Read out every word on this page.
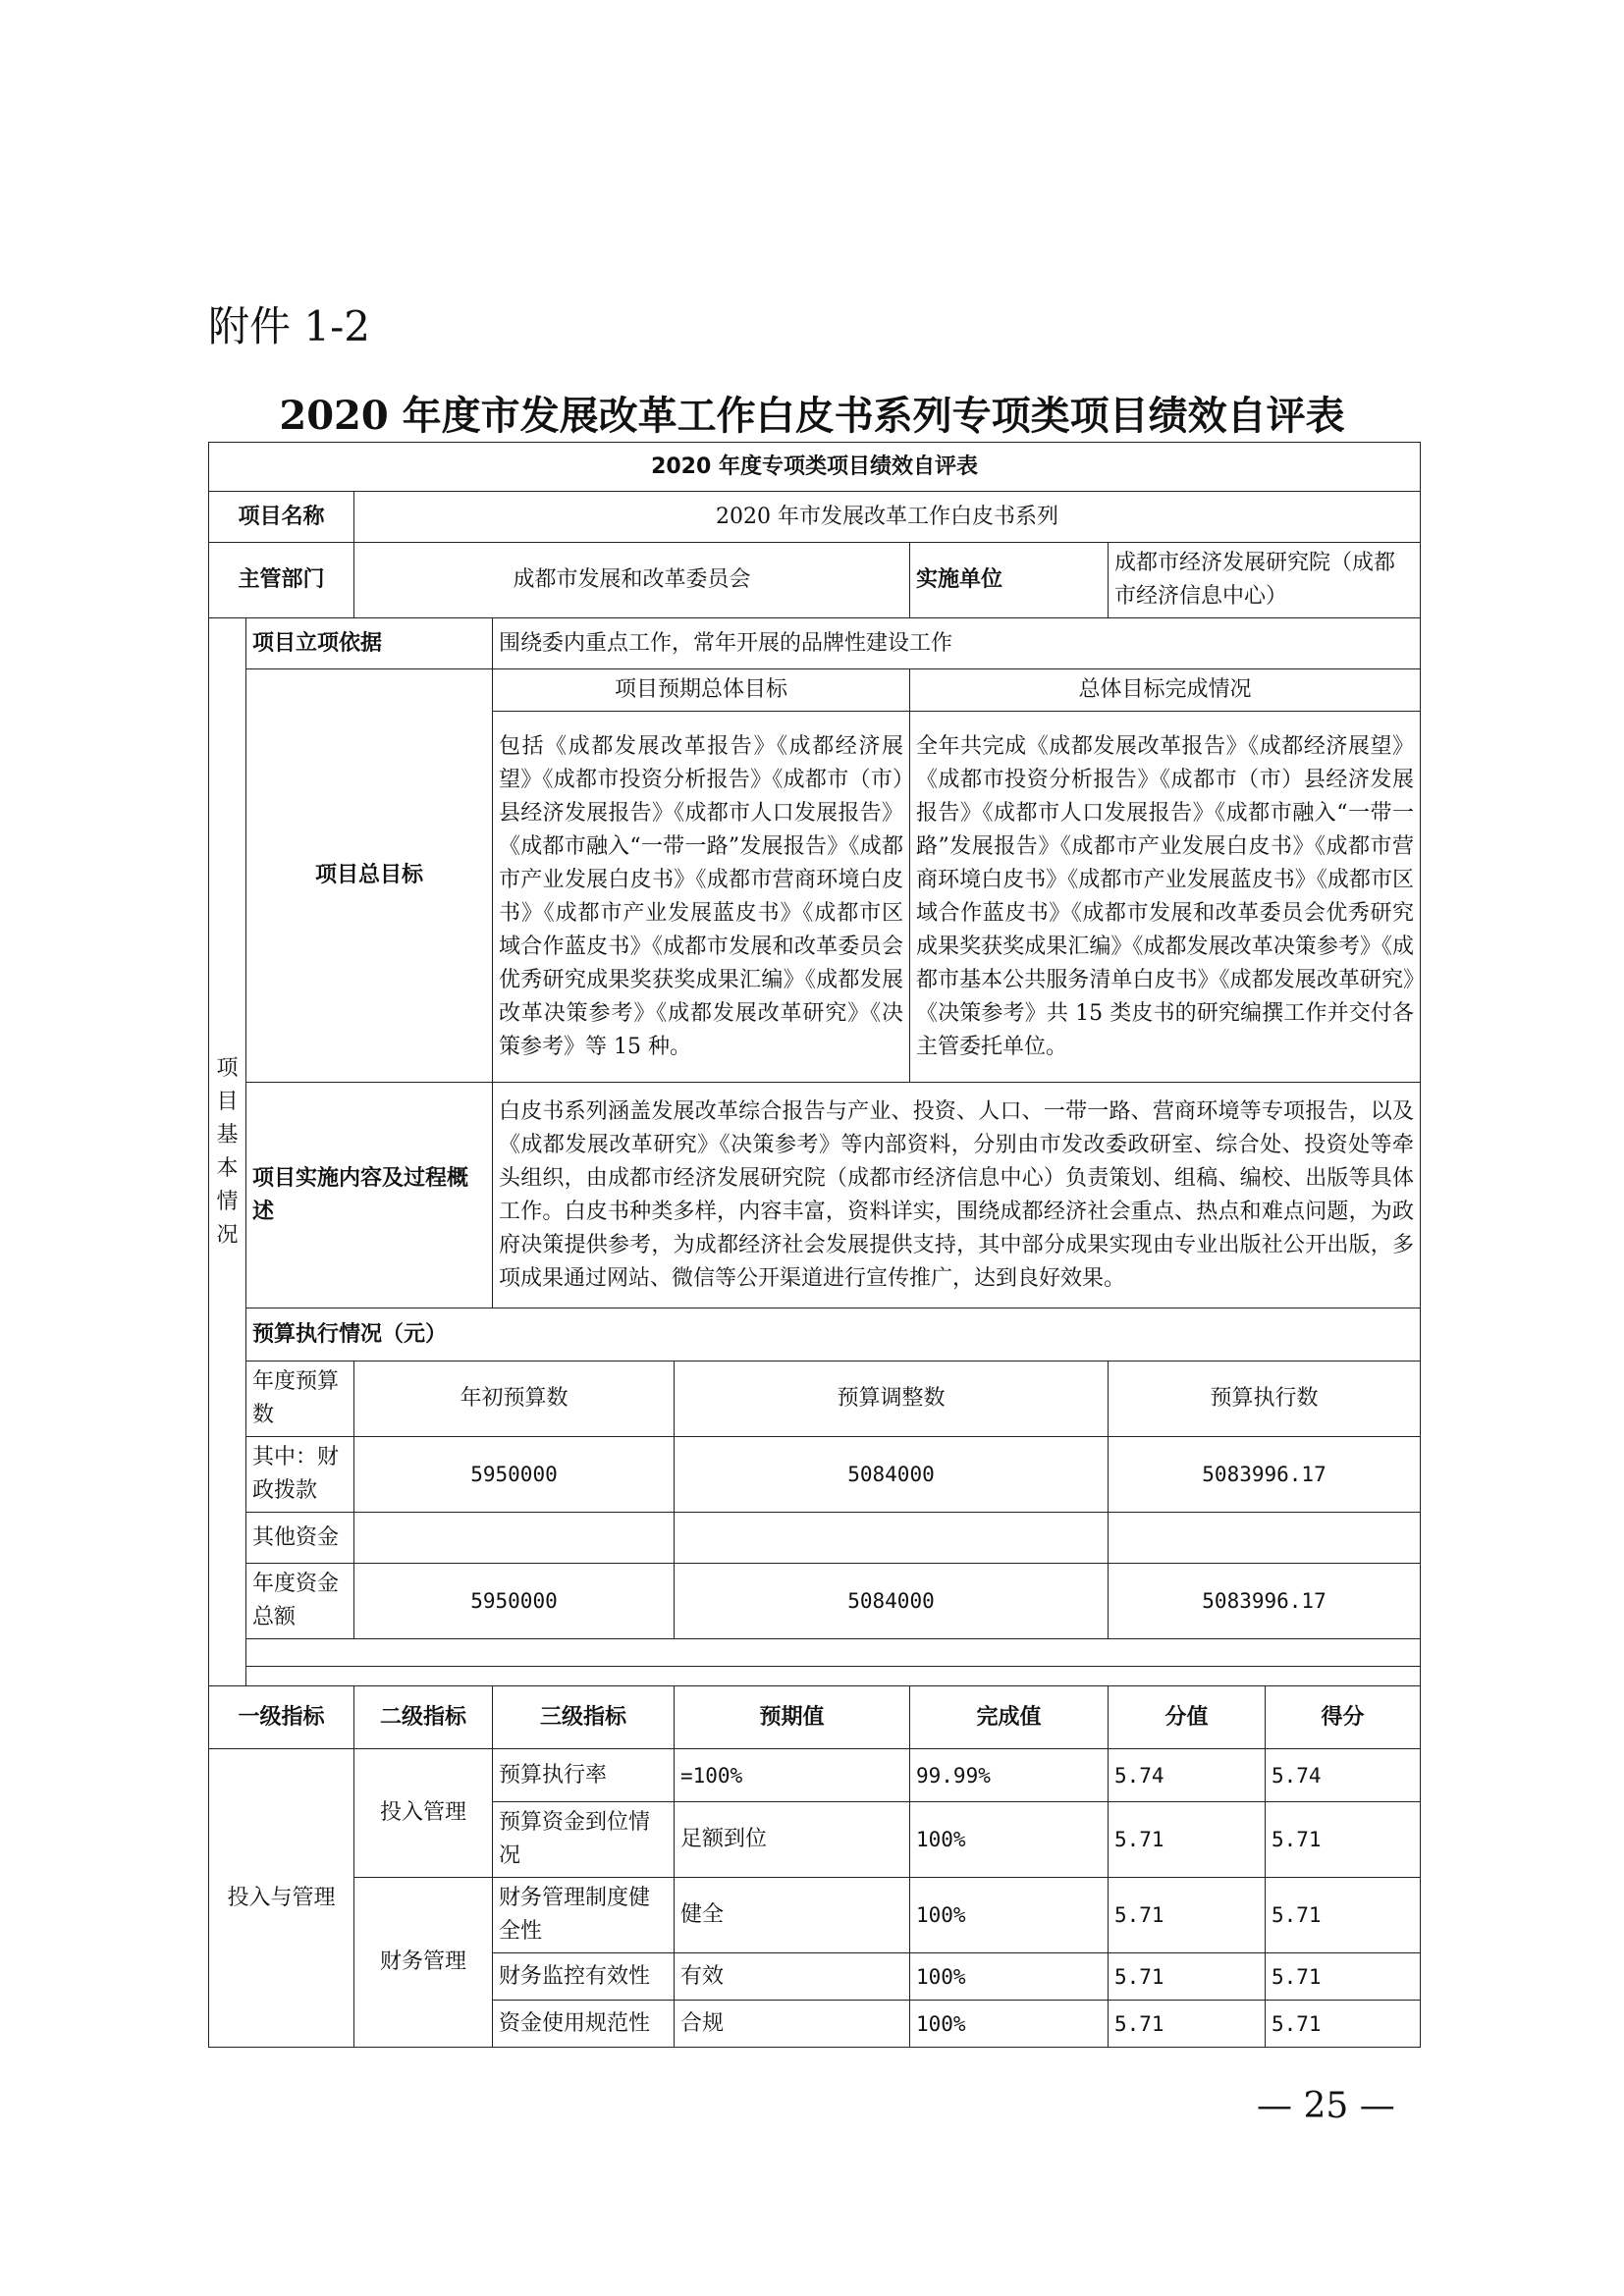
附件 1-2
2020 年度市发展改革工作白皮书系列专项类项目绩效自评表
2020 年度专项类项目绩效自评表							
项目名称		2020 年市发展改革工作白皮书系列					
主管部门		成都市发展和改革委员会			实施单位	成都市经济发展研究院（成都市经济信息中心）	
项目基本情况	项目立项依据		围绕委内重点工作，常年开展的品牌性建设工作				
	项目总目标		项目预期总体目标		总体目标完成情况		
			包括《成都发展改革报告》《成都经济展望》《成都市投资分析报告》《成都市（市）县经济发展报告》《成都市人口发展报告》《成都市融入“一带一路”发展报告》《成都市产业发展白皮书》《成都市营商环境白皮书》《成都市产业发展蓝皮书》《成都市区域合作蓝皮书》《成都市发展和改革委员会优秀研究成果奖获奖成果汇编》《成都发展改革决策参考》《成都发展改革研究》《决策参考》等 15 种。		全年共完成《成都发展改革报告》《成都经济展望》《成都市投资分析报告》《成都市（市）县经济发展报告》《成都市人口发展报告》《成都市融入“一带一路”发展报告》《成都市产业发展白皮书》《成都市营商环境白皮书》《成都市产业发展蓝皮书》《成都市区域合作蓝皮书》《成都市发展和改革委员会优秀研究成果奖获奖成果汇编》《成都发展改革决策参考》《成都市基本公共服务清单白皮书》《成都发展改革研究》《决策参考》共 15 类皮书的研究编撰工作并交付各主管委托单位。		
	项目实施内容及过程概述		白皮书系列涵盖发展改革综合报告与产业、投资、人口、一带一路、营商环境等专项报告，以及《成都发展改革研究》《决策参考》等内部资料，分别由市发改委政研室、综合处、投资处等牵头组织，由成都市经济发展研究院（成都市经济信息中心）负责策划、组稿、编校、出版等具体工作。白皮书种类多样，内容丰富，资料详实，围绕成都经济社会重点、热点和难点问题，为政府决策提供参考，为成都经济社会发展提供支持，其中部分成果实现由专业出版社公开出版，多项成果通过网站、微信等公开渠道进行宣传推广，达到良好效果。				
	预算执行情况（元）						
	年度预算数	年初预算数		预算调整数		预算执行数	
	其中：财政拨款	5950000		5084000		5083996.17	
	其他资金						
	年度资金总额	5950000		5084000		5083996.17	

一级指标		二级指标	三级指标	预期值	完成值	分值	得分
投入与管理		投入管理	预算执行率	=100%	99.99%	5.74	5.74
			预算资金到位情况	足额到位	100%	5.71	5.71
		财务管理	财务管理制度健全性	健全	100%	5.71	5.71
			财务监控有效性	有效	100%	5.71	5.71
			资金使用规范性	合规	100%	5.71	5.71
— 25 —
